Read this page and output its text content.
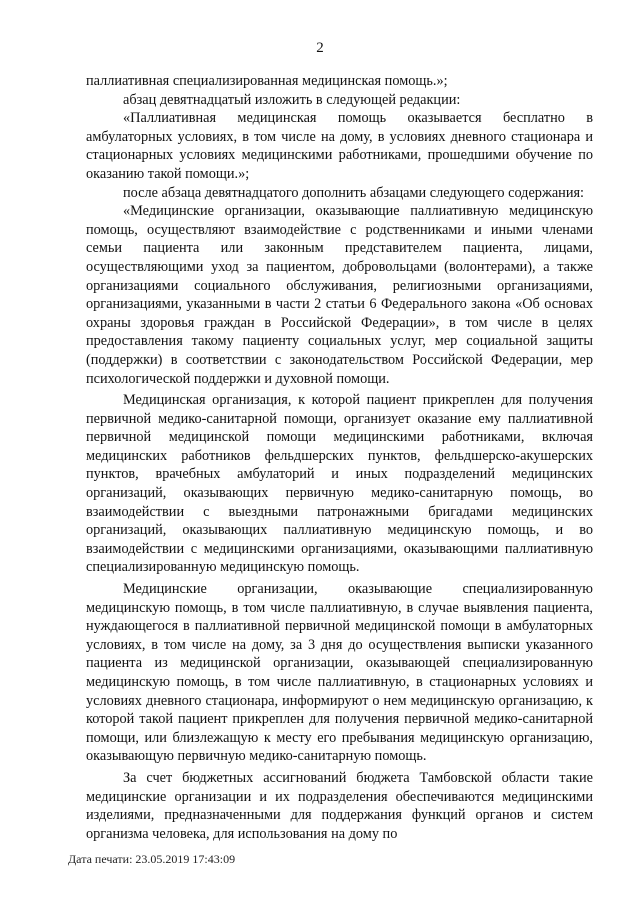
2

паллиативная специализированная медицинская помощь.»;

абзац девятнадцатый изложить в следующей редакции:

«Паллиативная медицинская помощь оказывается бесплатно в амбулаторных условиях, в том числе на дому, в условиях дневного стационара и стационарных условиях медицинскими работниками, прошедшими обучение по оказанию такой помощи.»;

после абзаца девятнадцатого дополнить абзацами следующего содержания:

«Медицинские организации, оказывающие паллиативную медицинскую помощь, осуществляют взаимодействие с родственниками и иными членами семьи пациента или законным представителем пациента, лицами, осуществляющими уход за пациентом, добровольцами (волонтерами), а также организациями социального обслуживания, религиозными организациями, организациями, указанными в части 2 статьи 6 Федерального закона «Об основах охраны здоровья граждан в Российской Федерации», в том числе в целях предоставления такому пациенту социальных услуг, мер социальной защиты (поддержки) в соответствии с законодательством Российской Федерации, мер психологической поддержки и духовной помощи.

Медицинская организация, к которой пациент прикреплен для получения первичной медико-санитарной помощи, организует оказание ему паллиативной первичной медицинской помощи медицинскими работниками, включая медицинских работников фельдшерских пунктов, фельдшерско-акушерских пунктов, врачебных амбулаторий и иных подразделений медицинских организаций, оказывающих первичную медико-санитарную помощь, во взаимодействии с выездными патронажными бригадами медицинских организаций, оказывающих паллиативную медицинскую помощь, и во взаимодействии с медицинскими организациями, оказывающими паллиативную специализированную медицинскую помощь.

Медицинские организации, оказывающие специализированную медицинскую помощь, в том числе паллиативную, в случае выявления пациента, нуждающегося в паллиативной первичной медицинской помощи в амбулаторных условиях, в том числе на дому, за 3 дня до осуществления выписки указанного пациента из медицинской организации, оказывающей специализированную медицинскую помощь, в том числе паллиативную, в стационарных условиях и условиях дневного стационара, информируют о нем медицинскую организацию, к которой такой пациент прикреплен для получения первичной медико-санитарной помощи, или близлежащую к месту его пребывания медицинскую организацию, оказывающую первичную медико-санитарную помощь.

За счет бюджетных ассигнований бюджета Тамбовской области такие медицинские организации и их подразделения обеспечиваются медицинскими изделиями, предназначенными для поддержания функций органов и систем организма человека, для использования на дому по

Дата печати: 23.05.2019 17:43:09
